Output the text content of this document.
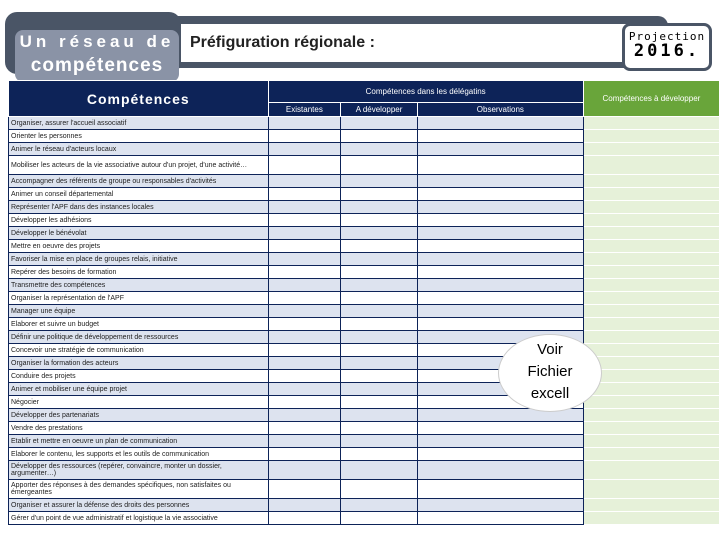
Un réseau de
compétences
Préfiguration régionale :	Projection
2016.
Compétences	Compétences dans les délégatins			Compétences à développer
	Existantes	A développer	Observations	
Organiser, assurer l'accueil associatif				
Orienter les personnes				
Animer le réseau d'acteurs locaux				
Mobiliser les acteurs de la vie associative autour d'un projet, d'une activité…				
Accompagner des référents de groupe ou responsables d'activités				
Animer un conseil départemental				
Représenter l'APF dans des instances locales				
Développer les adhésions				
Développer le bénévolat				
Mettre en oeuvre des projets				
Favoriser la mise en place de groupes relais, initiative				
Repérer des besoins de formation				
Transmettre des compétences				
Organiser la représentation de l'APF				
Manager une équipe				
Elaborer et suivre un budget				
Définir une politique de développement de ressources				
Concevoir une stratégie de communication				
Organiser la formation des acteurs				
Conduire des projets				
Animer et mobiliser une équipe projet				
Négocier				
Développer des partenariats				
Vendre des prestations				
Etablir et mettre en oeuvre un plan de communication				
Elaborer le contenu, les supports et les outils de communication				
Développer des ressources (repérer, convaincre, monter un dossier, argumenter…)				
Apporter des réponses à des demandes spécifiques, non satisfaites ou émergeantes				
Organiser et assurer la défense des droits des personnes				
Gérer d'un point de vue administratif et logistique la vie associative				
Voir
Fichier
excell
